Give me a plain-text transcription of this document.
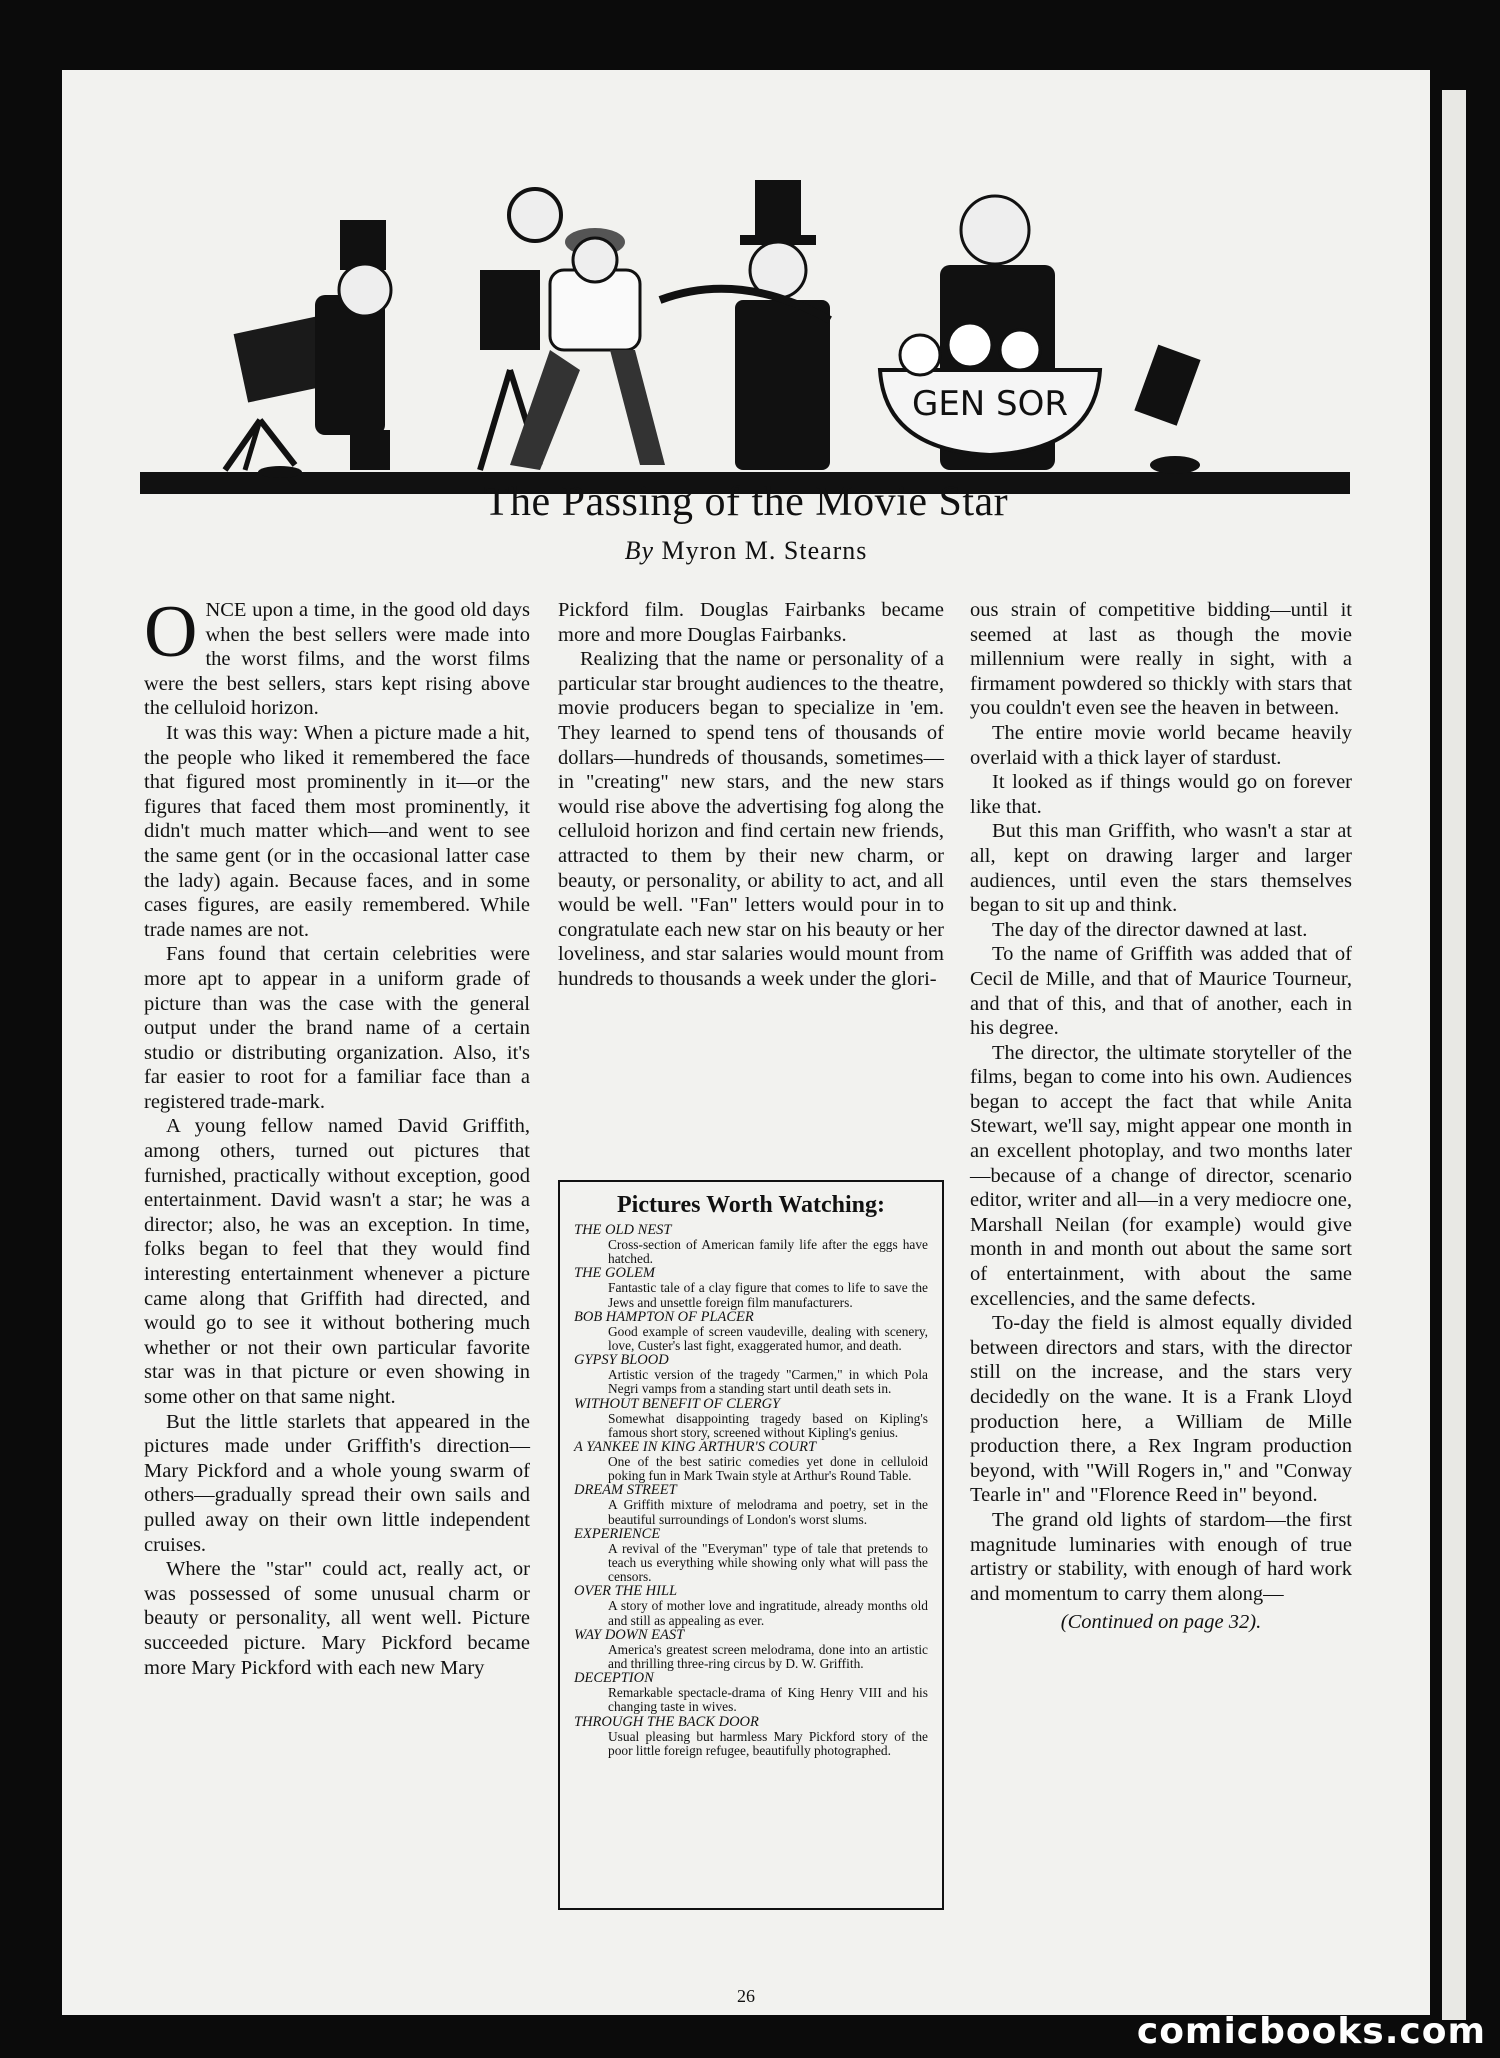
GEN SOR
The Passing of the Movie Star
By Myron M. Stearns

ONCE upon a time, in the good old days when the best sellers were made into the worst films, and the worst films were the best sellers, stars kept rising above the celluloid horizon.

It was this way: When a picture made a hit, the people who liked it remembered the face that figured most prominently in it—or the figures that faced them most prominently, it didn't much matter which—and went to see the same gent (or in the occasional latter case the lady) again. Because faces, and in some cases figures, are easily remembered. While trade names are not.

Fans found that certain celebrities were more apt to appear in a uniform grade of picture than was the case with the general output under the brand name of a certain studio or distributing organization. Also, it's far easier to root for a familiar face than a registered trade-mark.

A young fellow named David Griffith, among others, turned out pictures that furnished, practically without exception, good entertainment. David wasn't a star; he was a director; also, he was an exception. In time, folks began to feel that they would find interesting entertainment whenever a picture came along that Griffith had directed, and would go to see it without bothering much whether or not their own particular favorite star was in that picture or even showing in some other on that same night.

But the little starlets that appeared in the pictures made under Griffith's direction—Mary Pickford and a whole young swarm of others—gradually spread their own sails and pulled away on their own little independent cruises.

Where the "star" could act, really act, or was possessed of some unusual charm or beauty or personality, all went well. Picture succeeded picture. Mary Pickford became more Mary Pickford with each new Mary

Pickford film. Douglas Fairbanks became more and more Douglas Fairbanks.

Realizing that the name or personality of a particular star brought audiences to the theatre, movie producers began to specialize in 'em. They learned to spend tens of thousands of dollars—hundreds of thousands, sometimes—in "creating" new stars, and the new stars would rise above the advertising fog along the celluloid horizon and find certain new friends, attracted to them by their new charm, or beauty, or personality, or ability to act, and all would be well. "Fan" letters would pour in to congratulate each new star on his beauty or her loveliness, and star salaries would mount from hundreds to thousands a week under the glori-

Pictures Worth Watching:
THE OLD NEST
Cross-section of American family life after the eggs have hatched.
THE GOLEM
Fantastic tale of a clay figure that comes to life to save the Jews and unsettle foreign film manufacturers.
BOB HAMPTON OF PLACER
Good example of screen vaudeville, dealing with scenery, love, Custer's last fight, exaggerated humor, and death.
GYPSY BLOOD
Artistic version of the tragedy "Carmen," in which Pola Negri vamps from a standing start until death sets in.
WITHOUT BENEFIT OF CLERGY
Somewhat disappointing tragedy based on Kipling's famous short story, screened without Kipling's genius.
A YANKEE IN KING ARTHUR'S COURT
One of the best satiric comedies yet done in celluloid poking fun in Mark Twain style at Arthur's Round Table.
DREAM STREET
A Griffith mixture of melodrama and poetry, set in the beautiful surroundings of London's worst slums.
EXPERIENCE
A revival of the "Everyman" type of tale that pretends to teach us everything while showing only what will pass the censors.
OVER THE HILL
A story of mother love and ingratitude, already months old and still as appealing as ever.
WAY DOWN EAST
America's greatest screen melodrama, done into an artistic and thrilling three-ring circus by D. W. Griffith.
DECEPTION
Remarkable spectacle-drama of King Henry VIII and his changing taste in wives.
THROUGH THE BACK DOOR
Usual pleasing but harmless Mary Pickford story of the poor little foreign refugee, beautifully photographed.

ous strain of competitive bidding—until it seemed at last as though the movie millennium were really in sight, with a firmament powdered so thickly with stars that you couldn't even see the heaven in between.

The entire movie world became heavily overlaid with a thick layer of stardust.

It looked as if things would go on forever like that.

But this man Griffith, who wasn't a star at all, kept on drawing larger and larger audiences, until even the stars themselves began to sit up and think.

The day of the director dawned at last.

To the name of Griffith was added that of Cecil de Mille, and that of Maurice Tourneur, and that of this, and that of another, each in his degree.

The director, the ultimate storyteller of the films, began to come into his own. Audiences began to accept the fact that while Anita Stewart, we'll say, might appear one month in an excellent photoplay, and two months later—because of a change of director, scenario editor, writer and all—in a very mediocre one, Marshall Neilan (for example) would give month in and month out about the same sort of entertainment, with about the same excellencies, and the same defects.

To-day the field is almost equally divided between directors and stars, with the director still on the increase, and the stars very decidedly on the wane. It is a Frank Lloyd production here, a William de Mille production there, a Rex Ingram production beyond, with "Will Rogers in," and "Conway Tearle in" and "Florence Reed in" beyond.

The grand old lights of stardom—the first magnitude luminaries with enough of true artistry or stability, with enough of hard work and momentum to carry them along—

(Continued on page 32).

26
comicbooks.com
